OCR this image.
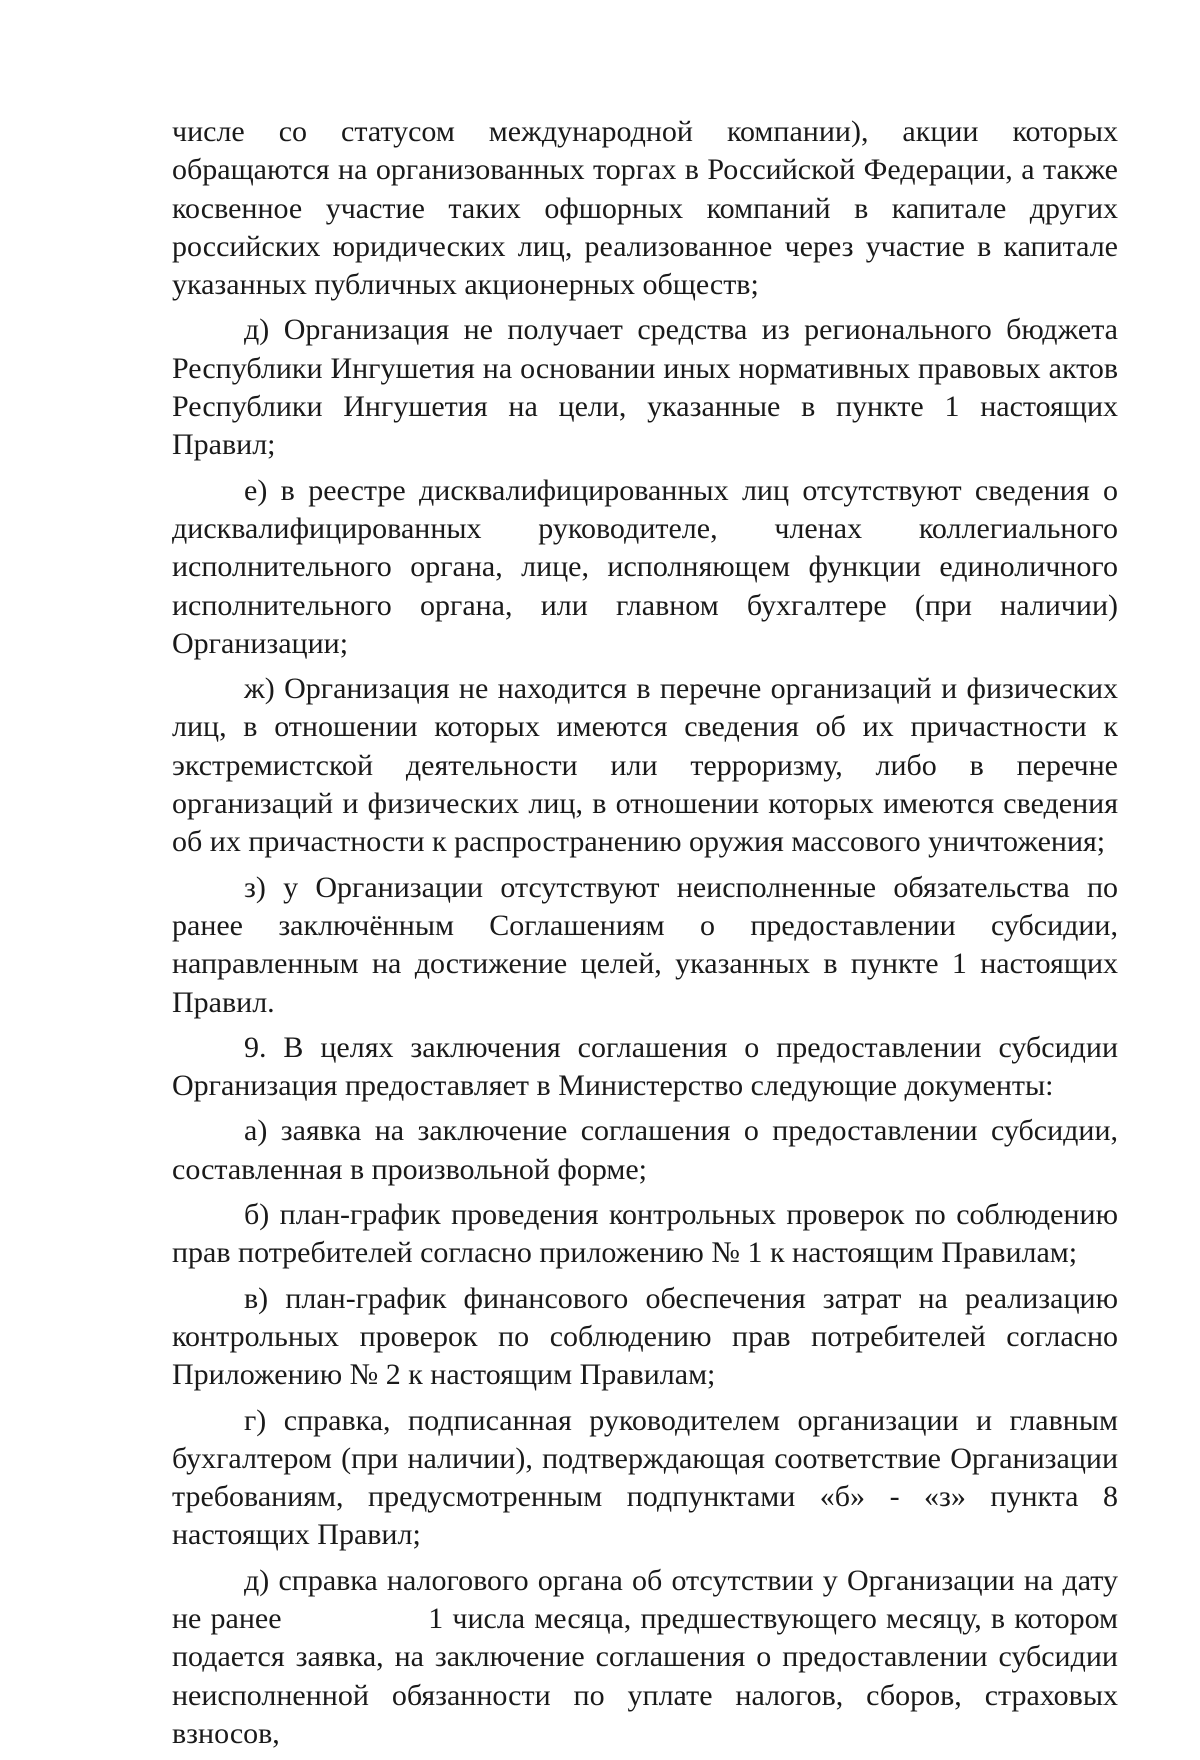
числе со статусом международной компании), акции которых обращаются на организованных торгах в Российской Федерации, а также косвенное участие таких офшорных компаний в капитале других российских юридических лиц, реализованное через участие в капитале указанных публичных акционерных обществ;

д) Организация не получает средства из регионального бюджета Республики Ингушетия на основании иных нормативных правовых актов Республики Ингушетия на цели, указанные в пункте 1 настоящих Правил;

е) в реестре дисквалифицированных лиц отсутствуют сведения о дисквалифицированных руководителе, членах коллегиального исполнительного органа, лице, исполняющем функции единоличного исполнительного органа, или главном бухгалтере (при наличии) Организации;

ж) Организация не находится в перечне организаций и физических лиц, в отношении которых имеются сведения об их причастности к экстремистской деятельности или терроризму, либо в перечне организаций и физических лиц, в отношении которых имеются сведения об их причастности к распространению оружия массового уничтожения;

з) у Организации отсутствуют неисполненные обязательства по ранее заключённым Соглашениям о предоставлении субсидии, направленным на достижение целей, указанных в пункте 1 настоящих Правил.

9. В целях заключения соглашения о предоставлении субсидии Организация предоставляет в Министерство следующие документы:

а) заявка на заключение соглашения о предоставлении субсидии, составленная в произвольной форме;

б) план-график проведения контрольных проверок по соблюдению прав потребителей согласно приложению № 1 к настоящим Правилам;

в) план-график финансового обеспечения затрат на реализацию контрольных проверок по соблюдению прав потребителей согласно Приложению № 2 к настоящим Правилам;

г) справка, подписанная руководителем организации и главным бухгалтером (при наличии), подтверждающая соответствие Организации требованиям, предусмотренным подпунктами «б» - «з» пункта 8 настоящих Правил;

д) справка налогового органа об отсутствии у Организации на дату не ранее                1 числа месяца, предшествующего месяцу, в котором подается заявка, на заключение соглашения о предоставлении субсидии неисполненной обязанности по уплате налогов, сборов, страховых взносов,
